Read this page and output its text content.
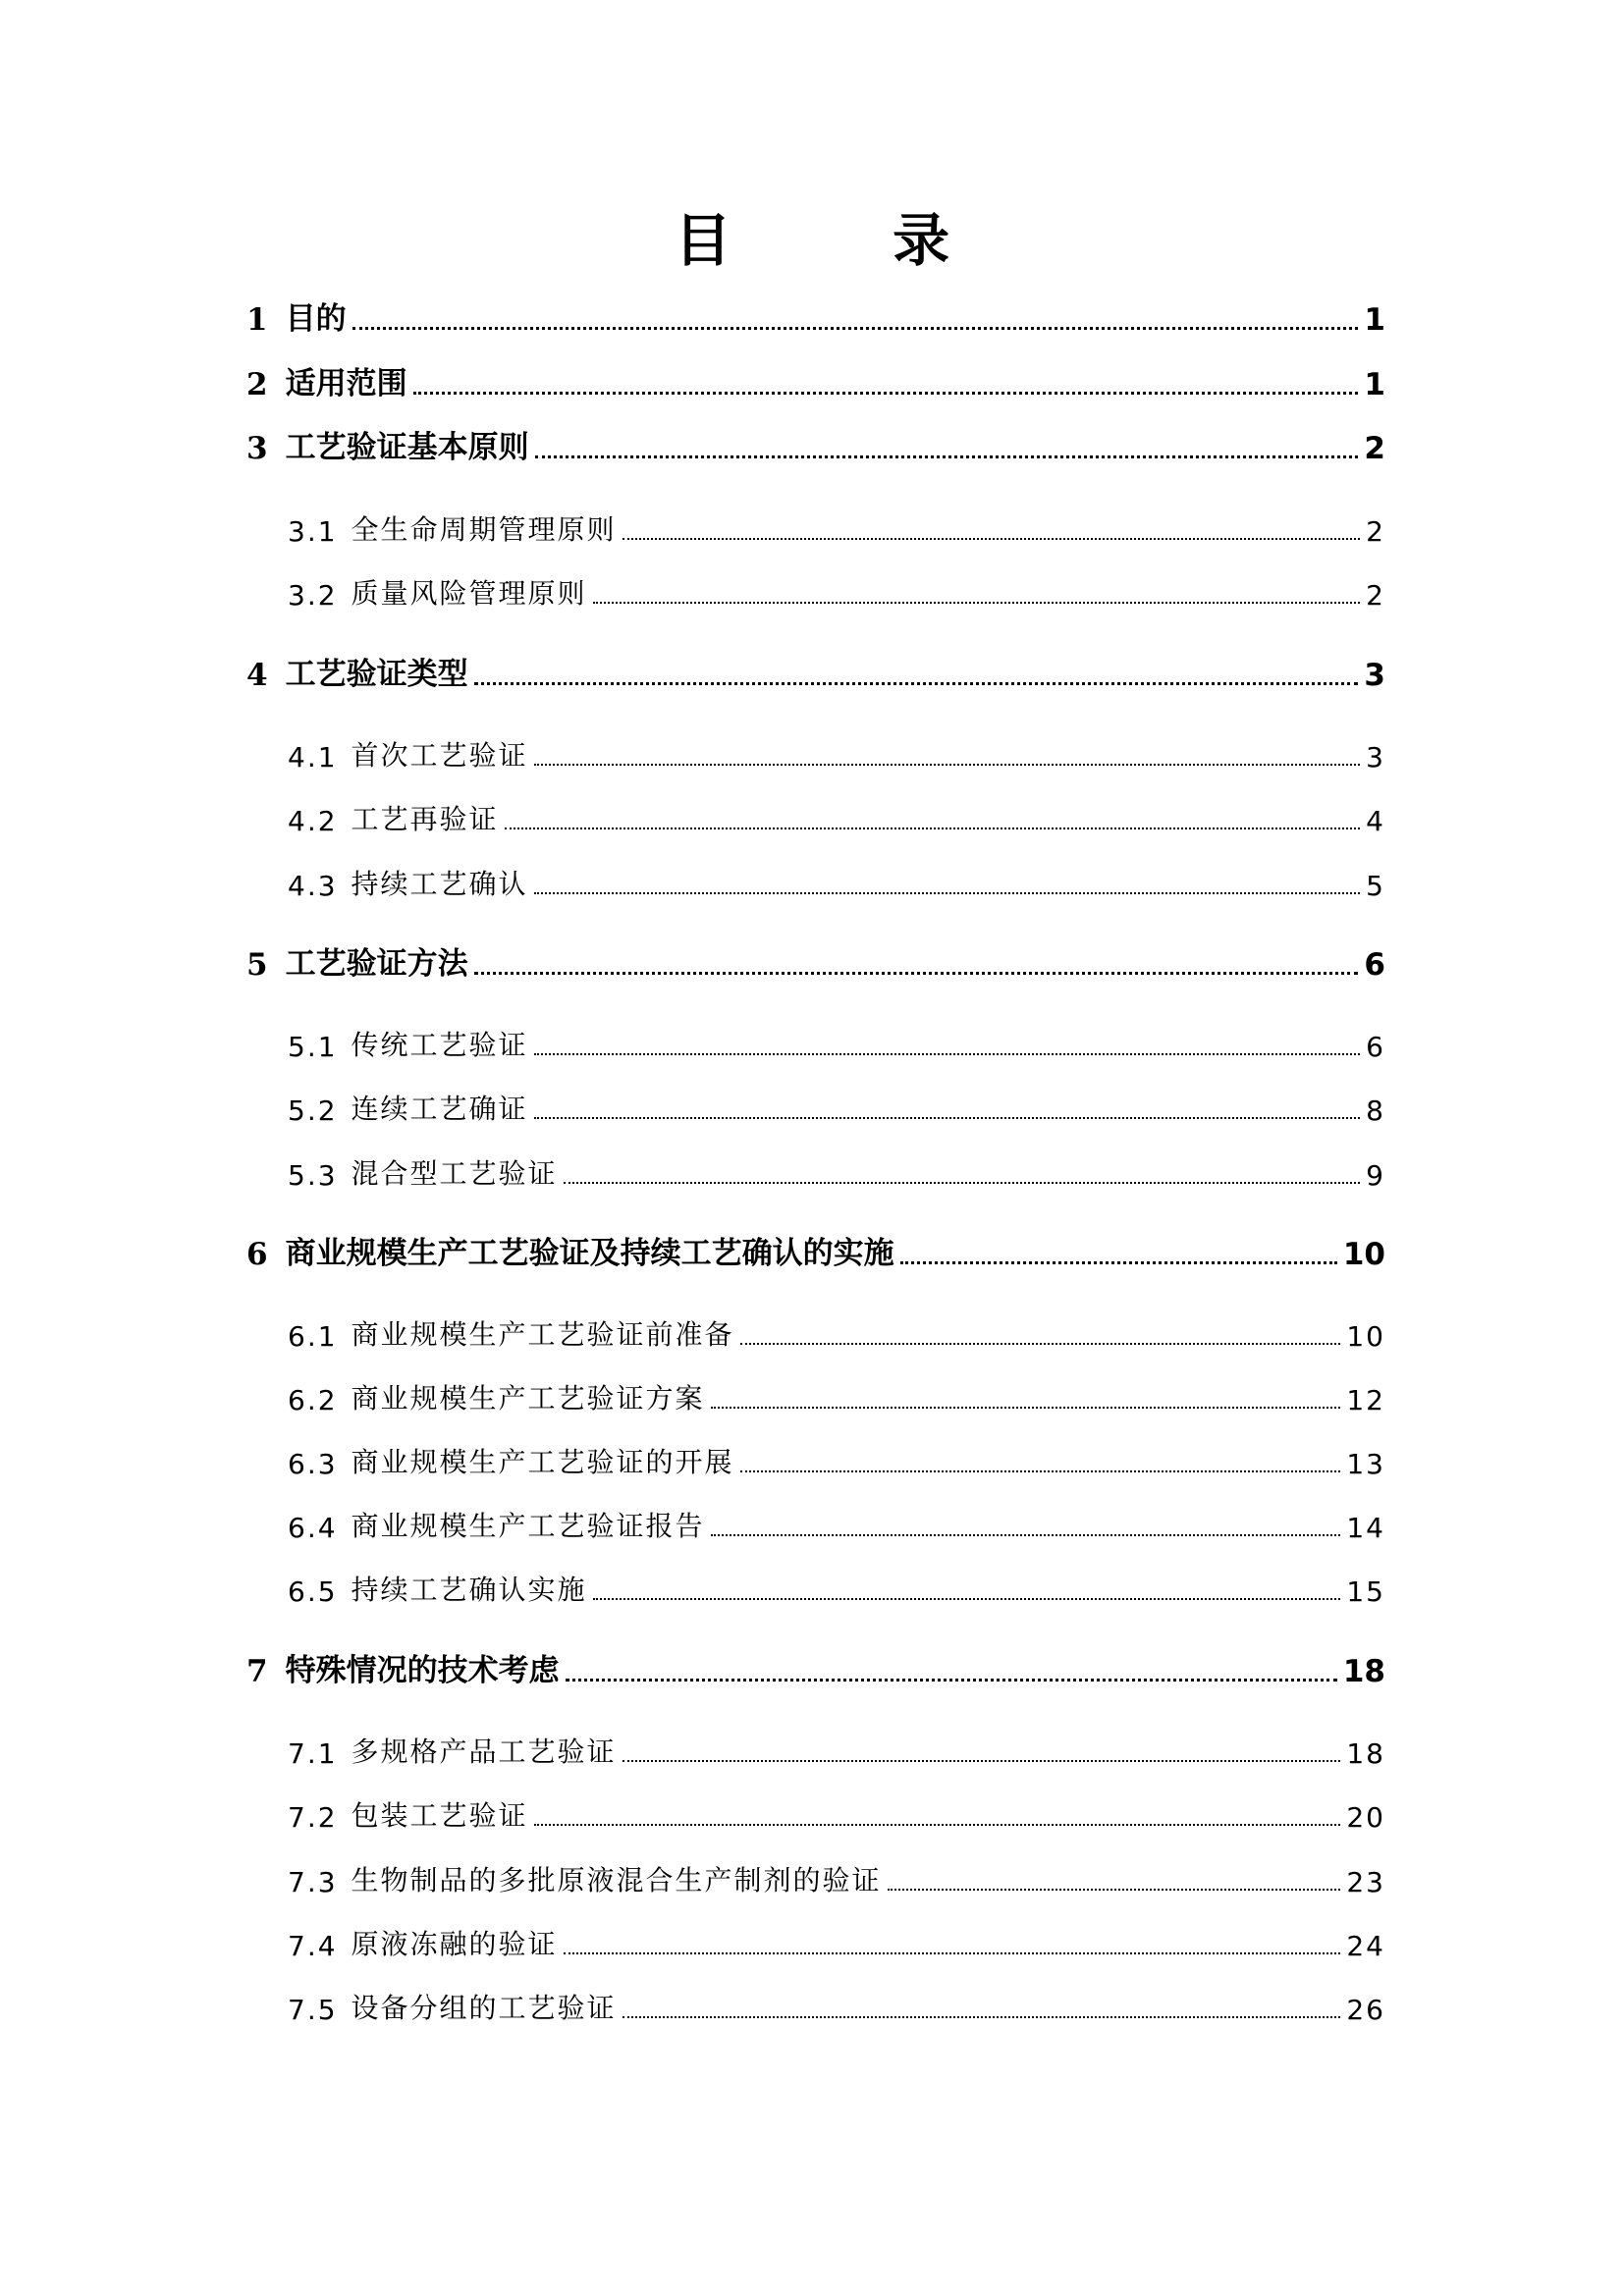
目 录
1 目的	1
2 适用范围	1
3 工艺验证基本原则	2
3.1 全生命周期管理原则	2
3.2 质量风险管理原则	2
4 工艺验证类型	3
4.1 首次工艺验证	3
4.2 工艺再验证	4
4.3 持续工艺确认	5
5 工艺验证方法	6
5.1 传统工艺验证	6
5.2 连续工艺确证	8
5.3 混合型工艺验证	9
6 商业规模生产工艺验证及持续工艺确认的实施	10
6.1 商业规模生产工艺验证前准备	10
6.2 商业规模生产工艺验证方案	12
6.3 商业规模生产工艺验证的开展	13
6.4 商业规模生产工艺验证报告	14
6.5 持续工艺确认实施	15
7 特殊情况的技术考虑	18
7.1 多规格产品工艺验证	18
7.2 包装工艺验证	20
7.3 生物制品的多批原液混合生产制剂的验证	23
7.4 原液冻融的验证	24
7.5 设备分组的工艺验证	26
